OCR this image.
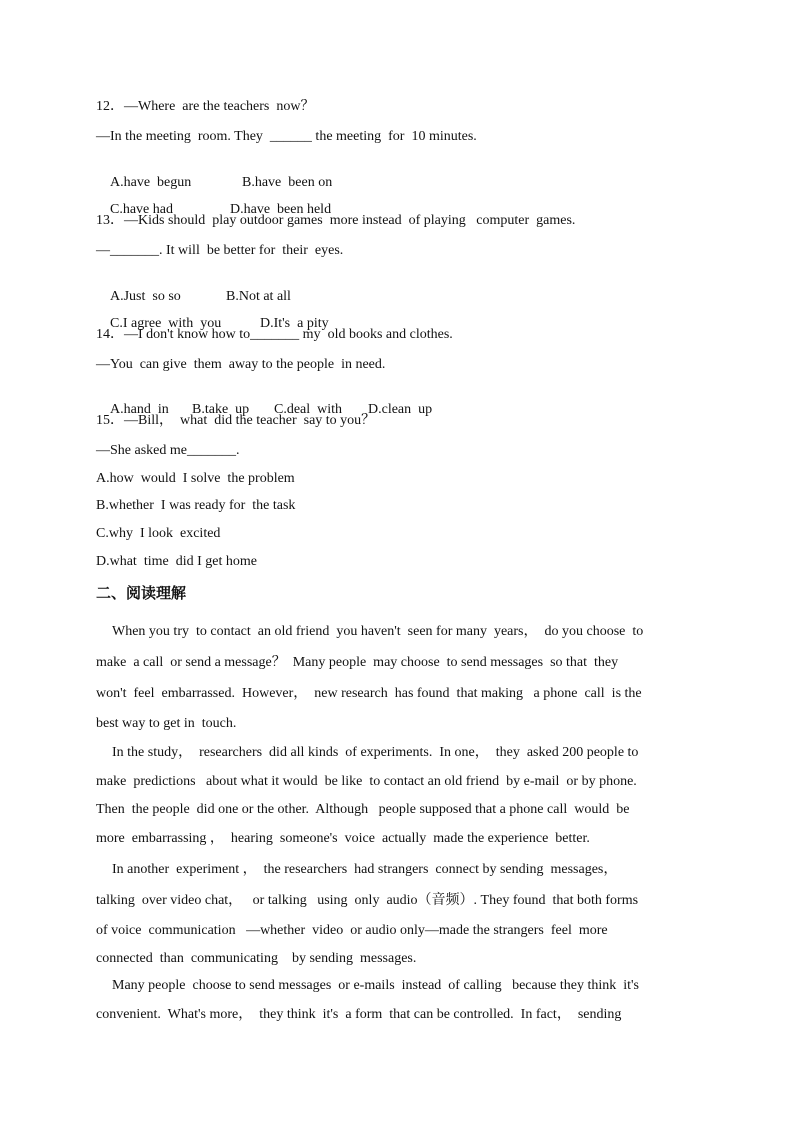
12．—Where  are the teachers  now？
—In the meeting  room. They  ______ the meeting  for  10 minutes.

A.have  begun	B.have  been on

C.have had	D.have  been held

13．—Kids should  play outdoor games  more instead  of playing   computer  games.
—_______. It will  be better for  their  eyes.

A.Just  so so	B.Not at all

C.I agree  with  you	D.It's  a pity

14．—I don't know how to_______ my  old books and clothes.
—You  can give  them  away to the people  in need.

A.hand  in B.take  up C.deal  with D.clean  up

15．—Bill，  what  did the teacher  say to you？
—She asked me_______.
A.how  would  I solve  the problem
B.whether  I was ready for  the task
C.why  I look  excited
D.what  time  did I get home
二、阅读理解
When you try  to contact  an old friend  you haven't  seen for many  years，  do you choose  to
make  a call  or send a message？  Many people  may choose  to send messages  so that  they
won't  feel  embarrassed.  However，  new research  has found  that making   a phone  call  is the
best way to get in  touch.
In the study，  researchers  did all kinds  of experiments.  In one，  they  asked 200 people to
make  predictions   about what it would  be like  to contact an old friend  by e-mail  or by phone.
Then  the people  did one or the other.  Although   people supposed that a phone call  would  be
more  embarrassing ，  hearing  someone's  voice  actually  made the experience  better.
In another  experiment ，  the researchers  had strangers  connect by sending  messages，
talking  over video chat，   or talking   using  only  audio（音频）. They found  that both forms
of voice  communication   —whether  video  or audio only—made the strangers  feel  more
connected  than  communicating    by sending  messages.
Many people  choose to send messages  or e-mails  instead  of calling   because they think  it's
convenient.  What's more，  they think  it's  a form  that can be controlled.  In fact，  sending
